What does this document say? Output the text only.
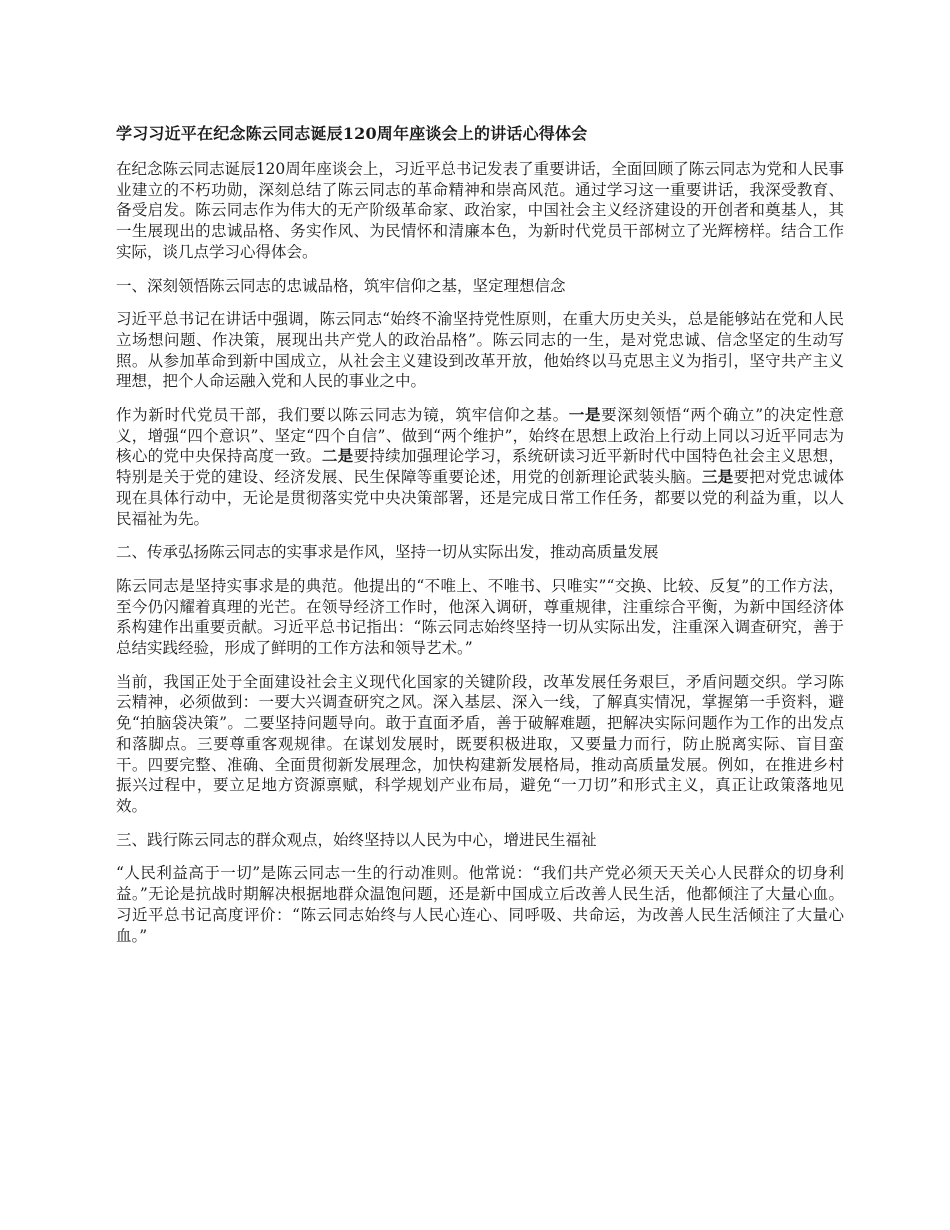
学习习近平在纪念陈云同志诞辰120周年座谈会上的讲话心得体会

在纪念陈云同志诞辰120周年座谈会上，习近平总书记发表了重要讲话，全面回顾了陈云同志为党和人民事业建立的不朽功勋，深刻总结了陈云同志的革命精神和崇高风范。通过学习这一重要讲话，我深受教育、备受启发。陈云同志作为伟大的无产阶级革命家、政治家，中国社会主义经济建设的开创者和奠基人，其一生展现出的忠诚品格、务实作风、为民情怀和清廉本色，为新时代党员干部树立了光辉榜样。结合工作实际，谈几点学习心得体会。

一、深刻领悟陈云同志的忠诚品格，筑牢信仰之基，坚定理想信念

习近平总书记在讲话中强调，陈云同志“始终不渝坚持党性原则，在重大历史关头，总是能够站在党和人民立场想问题、作决策，展现出共产党人的政治品格”。陈云同志的一生，是对党忠诚、信念坚定的生动写照。从参加革命到新中国成立，从社会主义建设到改革开放，他始终以马克思主义为指引，坚守共产主义理想，把个人命运融入党和人民的事业之中。

作为新时代党员干部，我们要以陈云同志为镜，筑牢信仰之基。一是要深刻领悟“两个确立”的决定性意义，增强“四个意识”、坚定“四个自信”、做到“两个维护”，始终在思想上政治上行动上同以习近平同志为核心的党中央保持高度一致。二是要持续加强理论学习，系统研读习近平新时代中国特色社会主义思想，特别是关于党的建设、经济发展、民生保障等重要论述，用党的创新理论武装头脑。三是要把对党忠诚体现在具体行动中，无论是贯彻落实党中央决策部署，还是完成日常工作任务，都要以党的利益为重，以人民福祉为先。

二、传承弘扬陈云同志的实事求是作风，坚持一切从实际出发，推动高质量发展

陈云同志是坚持实事求是的典范。他提出的“不唯上、不唯书、只唯实”“交换、比较、反复”的工作方法，至今仍闪耀着真理的光芒。在领导经济工作时，他深入调研，尊重规律，注重综合平衡，为新中国经济体系构建作出重要贡献。习近平总书记指出：“陈云同志始终坚持一切从实际出发，注重深入调查研究，善于总结实践经验，形成了鲜明的工作方法和领导艺术。”

当前，我国正处于全面建设社会主义现代化国家的关键阶段，改革发展任务艰巨，矛盾问题交织。学习陈云精神，必须做到：一要大兴调查研究之风。深入基层、深入一线，了解真实情况，掌握第一手资料，避免“拍脑袋决策”。二要坚持问题导向。敢于直面矛盾，善于破解难题，把解决实际问题作为工作的出发点和落脚点。三要尊重客观规律。在谋划发展时，既要积极进取，又要量力而行，防止脱离实际、盲目蛮干。四要完整、准确、全面贯彻新发展理念，加快构建新发展格局，推动高质量发展。例如，在推进乡村振兴过程中，要立足地方资源禀赋，科学规划产业布局，避免“一刀切”和形式主义，真正让政策落地见效。

三、践行陈云同志的群众观点，始终坚持以人民为中心，增进民生福祉

“人民利益高于一切”是陈云同志一生的行动准则。他常说：“我们共产党必须天天关心人民群众的切身利益。”无论是抗战时期解决根据地群众温饱问题，还是新中国成立后改善人民生活，他都倾注了大量心血。习近平总书记高度评价：“陈云同志始终与人民心连心、同呼吸、共命运，为改善人民生活倾注了大量心血。”
